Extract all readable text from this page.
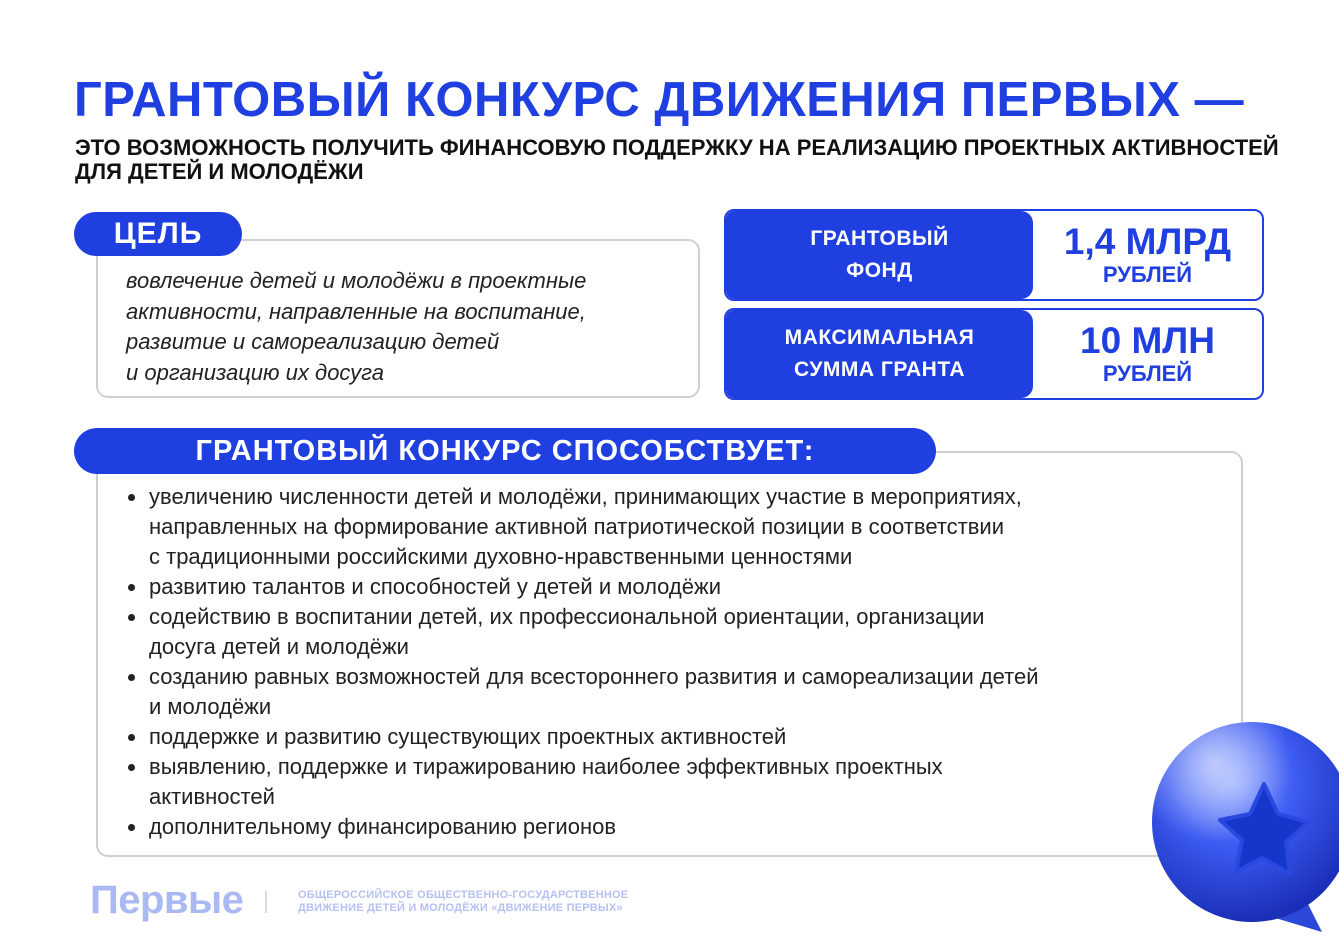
ГРАНТОВЫЙ КОНКУРС ДВИЖЕНИЯ ПЕРВЫХ —
ЭТО ВОЗМОЖНОСТЬ ПОЛУЧИТЬ ФИНАНСОВУЮ ПОДДЕРЖКУ НА РЕАЛИЗАЦИЮ ПРОЕКТНЫХ АКТИВНОСТЕЙ ДЛЯ ДЕТЕЙ И МОЛОДЁЖИ
ЦЕЛЬ
вовлечение детей и молодёжи в проектные
активности, направленные на воспитание,
развитие и самореализацию детей
и организацию их досуга
ГРАНТОВЫЙ
ФОНД
1,4 МЛРД
РУБЛЕЙ
МАКСИМАЛЬНАЯ
СУММА ГРАНТА
10 МЛН
РУБЛЕЙ
ГРАНТОВЫЙ КОНКУРС СПОСОБСТВУЕТ:
увеличению численности детей и молодёжи, принимающих участие в мероприятиях,
направленных на формирование активной патриотической позиции в соответствии
с традиционными российскими духовно-нравственными ценностями
развитию талантов и способностей у детей и молодёжи
содействию в воспитании детей, их профессиональной ориентации, организации
досуга детей и молодёжи
созданию равных возможностей для всестороннего развития и самореализации детей
и молодёжи
поддержке и развитию существующих проектных активностей
выявлению, поддержке и тиражированию наиболее эффективных проектных
активностей
дополнительному финансированию регионов
Первые	ОБЩЕРОССИЙСКОЕ ОБЩЕСТВЕННО-ГОСУДАРСТВЕННОЕ
ДВИЖЕНИЕ ДЕТЕЙ И МОЛОДЁЖИ «ДВИЖЕНИЕ ПЕРВЫХ»
